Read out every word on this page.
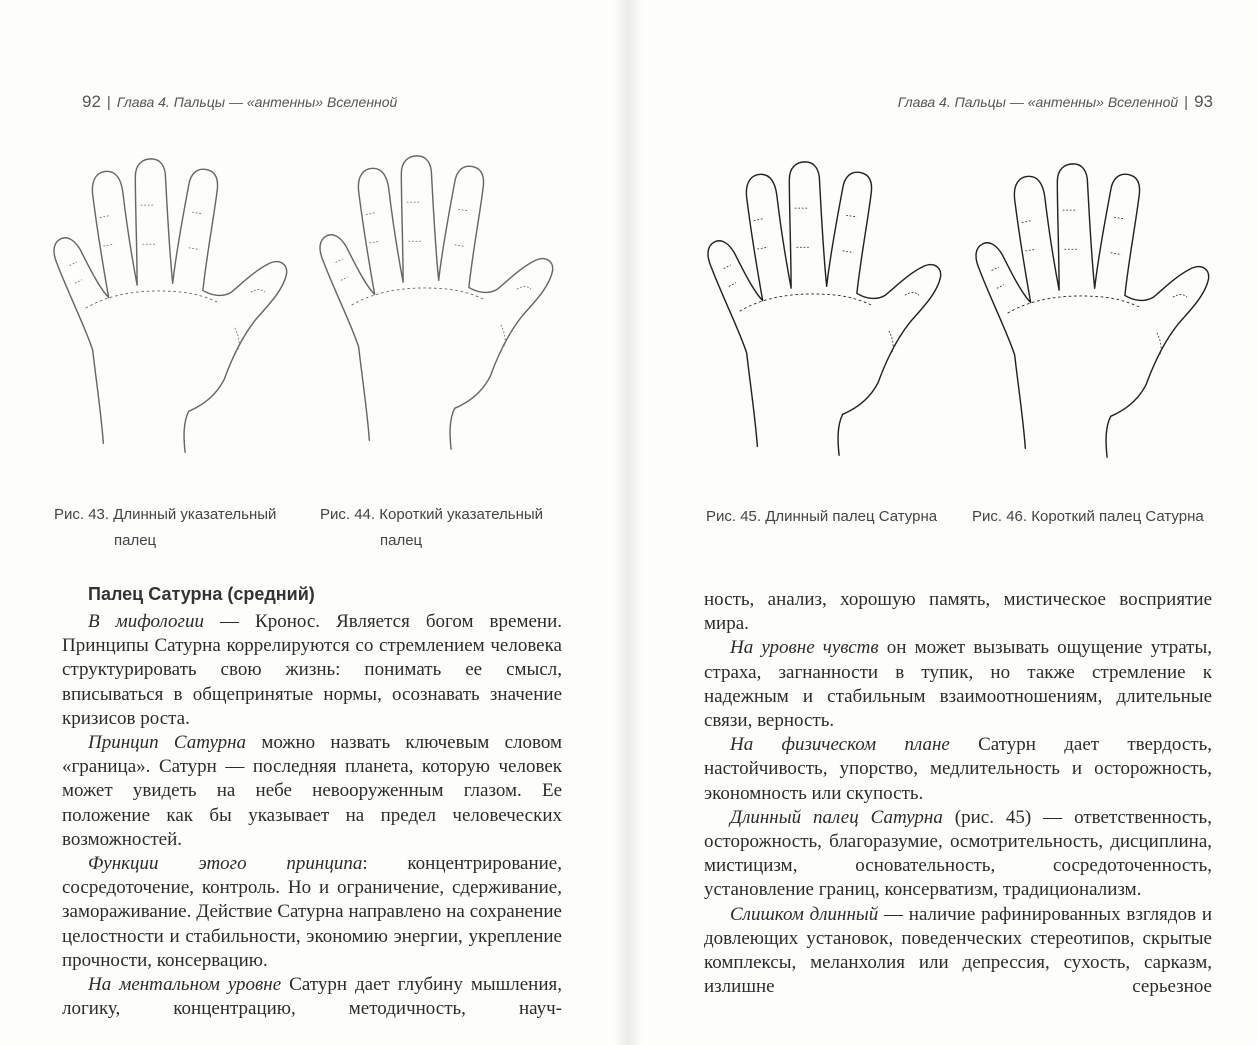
92 | Глава 4. Пальцы — «антенны» Вселенной
Рис. 43. Длинный указательный
палец
Рис. 44. Короткий указательный
палец
Палец Сатурна (средний)

В мифологии — Кронос. Является богом времени. Принципы Сатурна коррелируются со стремлением человека структурировать свою жизнь: понимать ее смысл, вписываться в общепринятые нормы, осознавать значение кризисов роста.

Принцип Сатурна можно назвать ключевым словом «граница». Сатурн — последняя планета, которую человек может увидеть на небе невооруженным глазом. Ее положение как бы указывает на предел человеческих возможностей.

Функции этого принципа: концентрирование, сосредоточение, контроль. Но и ограничение, сдерживание, замораживание. Действие Сатурна направлено на сохранение целостности и стабильности, экономию энергии, укрепление прочности, консервацию.

На ментальном уровне Сатурн дает глубину мышления, логику, концентрацию, методичность, науч-

Глава 4. Пальцы — «антенны» Вселенной | 93
Рис. 45. Длинный палец Сатурна Рис. 46. Короткий палец Сатурна

ность, анализ, хорошую память, мистическое восприятие мира.

На уровне чувств он может вызывать ощущение утраты, страха, загнанности в тупик, но также стремление к надежным и стабильным взаимоотношениям, длительные связи, верность.

На физическом плане Сатурн дает твердость, настойчивость, упорство, медлительность и осторожность, экономность или скупость.

Длинный палец Сатурна (рис. 45) — ответственность, осторожность, благоразумие, осмотрительность, дисциплина, мистицизм, основательность, сосредоточенность, установление границ, консерватизм, традиционализм.

Слишком длинный — наличие рафинированных взглядов и довлеющих установок, поведенческих стереотипов, скрытые комплексы, меланхолия или депрессия, сухость, сарказм, излишне серьезное
